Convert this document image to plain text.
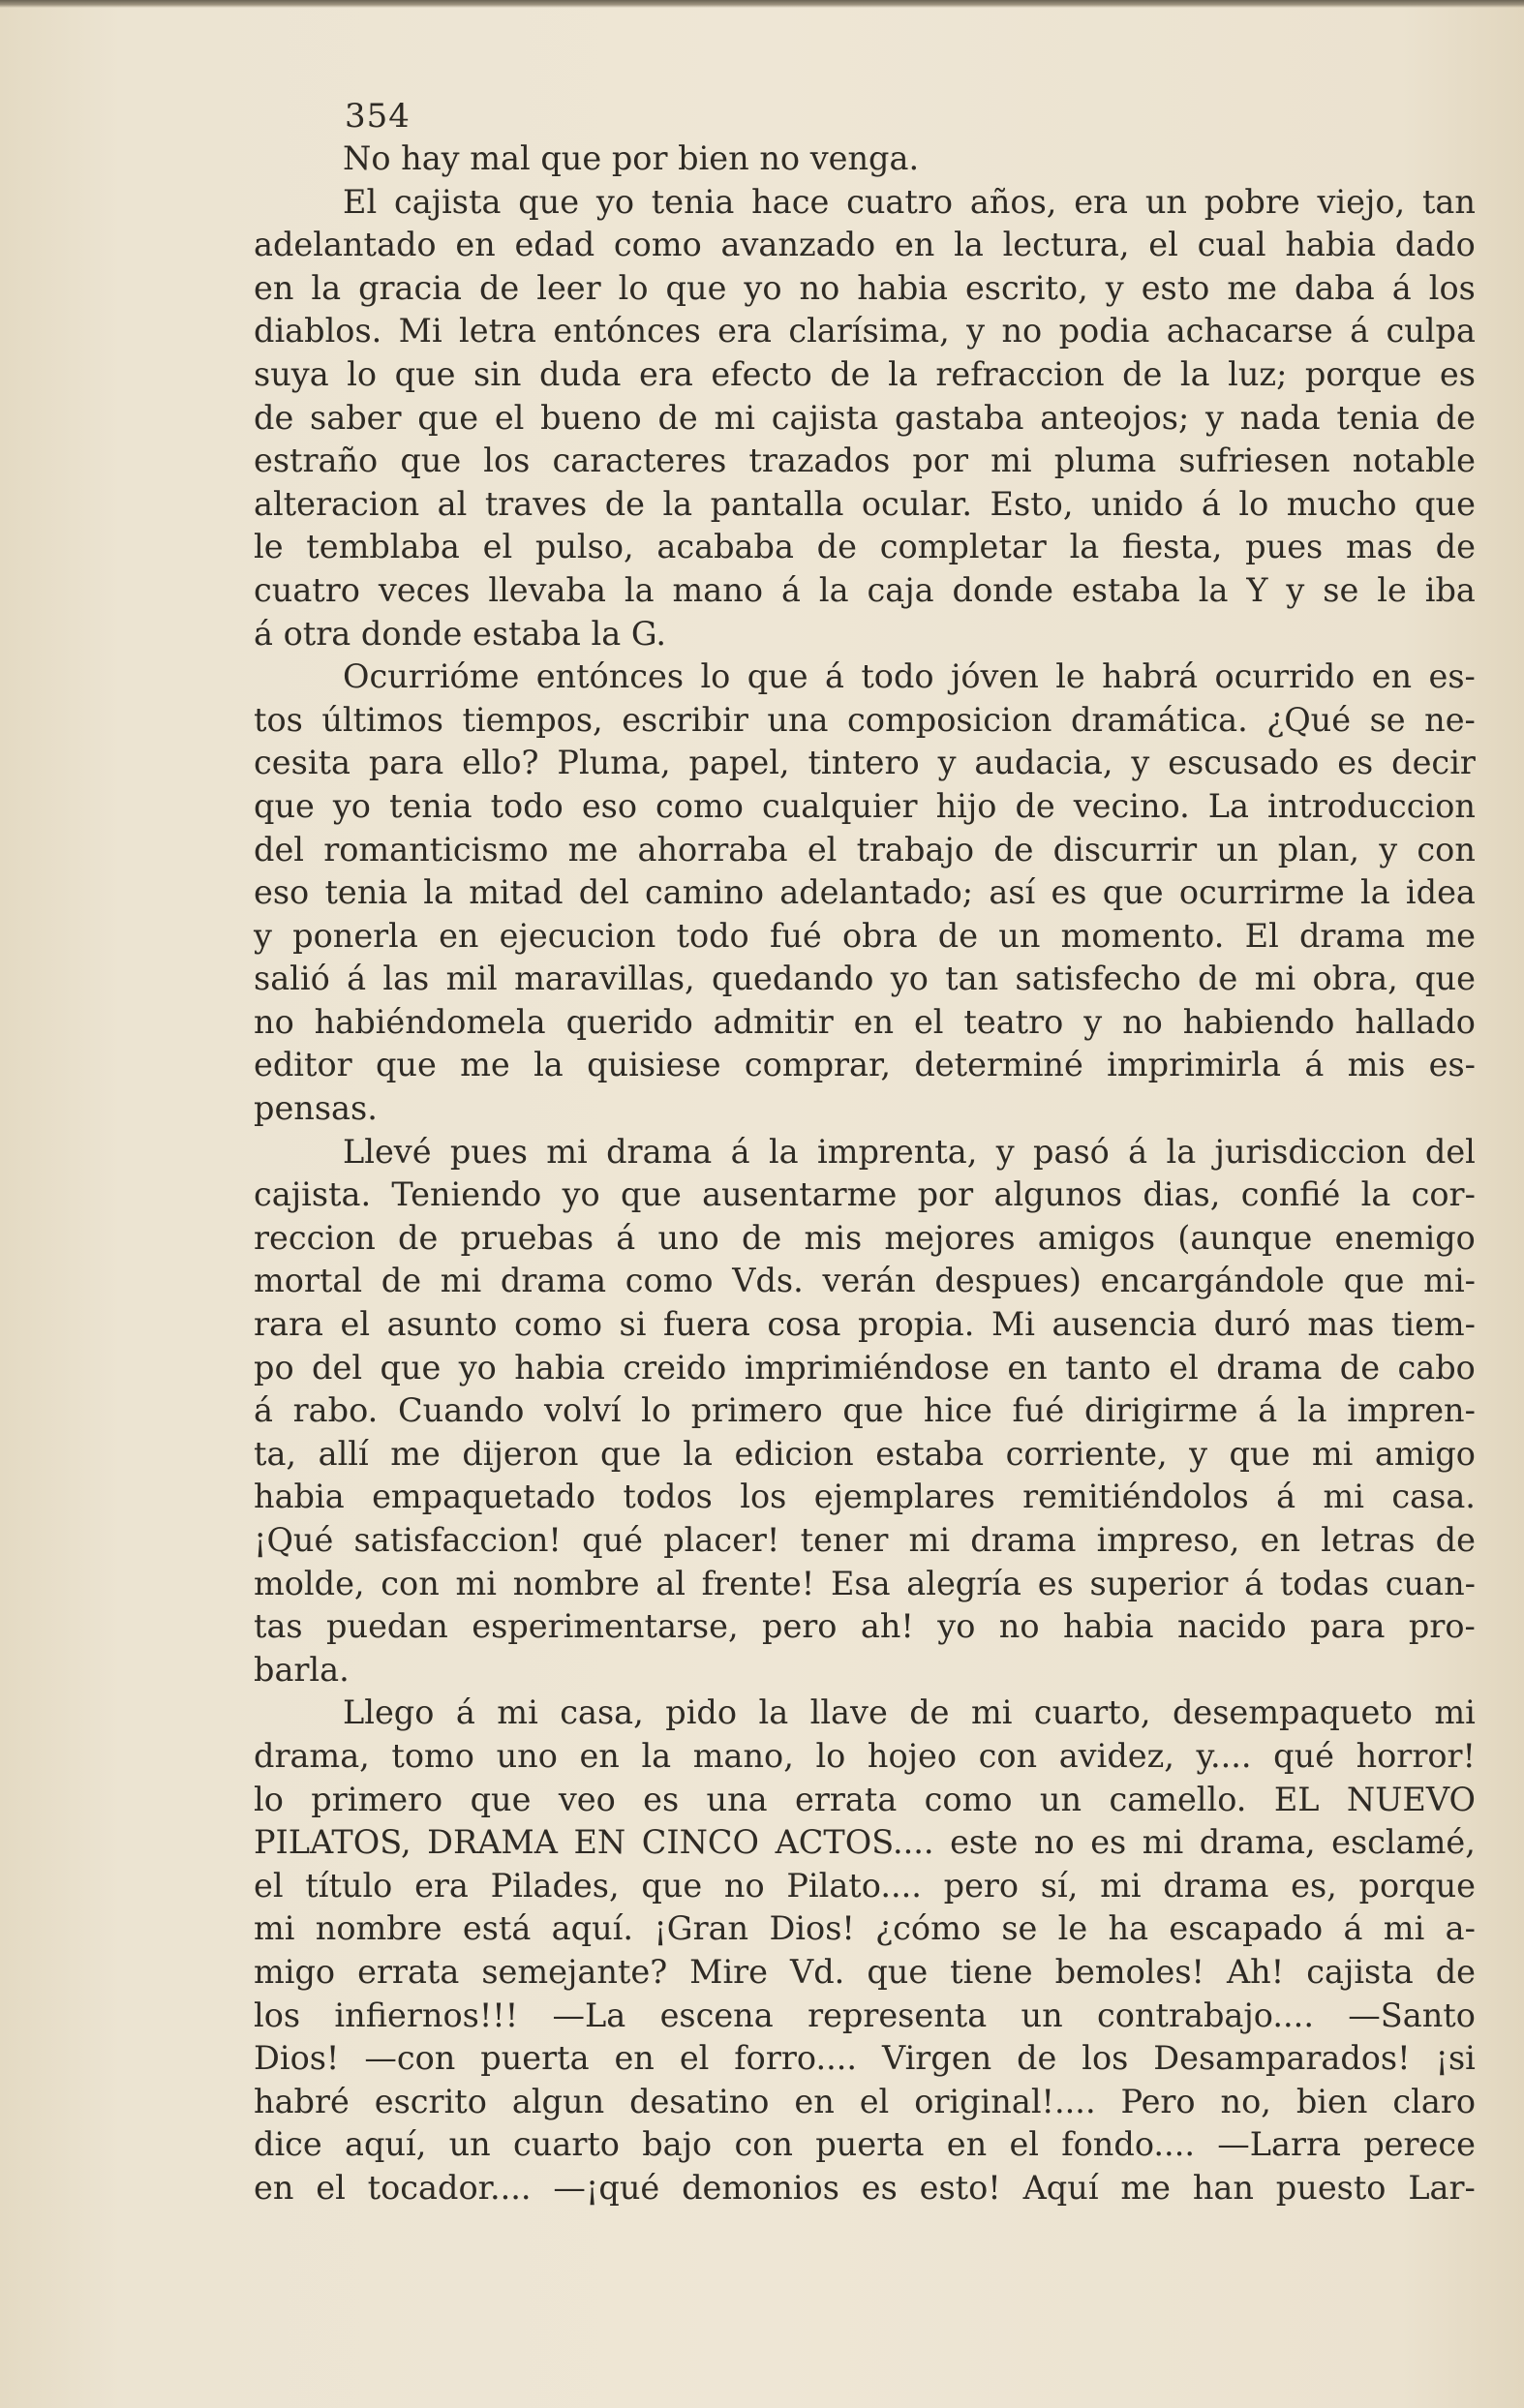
354
No hay mal que por bien no venga.
El cajista que yo tenia hace cuatro años, era un pobre viejo, tan
adelantado en edad como avanzado en la lectura, el cual habia dado
en la gracia de leer lo que yo no habia escrito, y esto me daba á los
diablos. Mi letra entónces era clarísima, y no podia achacarse á culpa
suya lo que sin duda era efecto de la refraccion de la luz; porque es
de saber que el bueno de mi cajista gastaba anteojos; y nada tenia de
estraño que los caracteres trazados por mi pluma sufriesen notable
alteracion al traves de la pantalla ocular. Esto, unido á lo mucho que
le temblaba el pulso, acababa de completar la fiesta, pues mas de
cuatro veces llevaba la mano á la caja donde estaba la Y y se le iba
á otra donde estaba la G.
Ocurrióme entónces lo que á todo jóven le habrá ocurrido en es-
tos últimos tiempos, escribir una composicion dramática. ¿Qué se ne-
cesita para ello? Pluma, papel, tintero y audacia, y escusado es decir
que yo tenia todo eso como cualquier hijo de vecino. La introduccion
del romanticismo me ahorraba el trabajo de discurrir un plan, y con
eso tenia la mitad del camino adelantado; así es que ocurrirme la idea
y ponerla en ejecucion todo fué obra de un momento. El drama me
salió á las mil maravillas, quedando yo tan satisfecho de mi obra, que
no habiéndomela querido admitir en el teatro y no habiendo hallado
editor que me la quisiese comprar, determiné imprimirla á mis es-
pensas.
Llevé pues mi drama á la imprenta, y pasó á la jurisdiccion del
cajista. Teniendo yo que ausentarme por algunos dias, confié la cor-
reccion de pruebas á uno de mis mejores amigos (aunque enemigo
mortal de mi drama como Vds. verán despues) encargándole que mi-
rara el asunto como si fuera cosa propia. Mi ausencia duró mas tiem-
po del que yo habia creido imprimiéndose en tanto el drama de cabo
á rabo. Cuando volví lo primero que hice fué dirigirme á la impren-
ta, allí me dijeron que la edicion estaba corriente, y que mi amigo
habia empaquetado todos los ejemplares remitiéndolos á mi casa.
¡Qué satisfaccion! qué placer! tener mi drama impreso, en letras de
molde, con mi nombre al frente! Esa alegría es superior á todas cuan-
tas puedan esperimentarse, pero ah! yo no habia nacido para pro-
barla.
Llego á mi casa, pido la llave de mi cuarto, desempaqueto mi
drama, tomo uno en la mano, lo hojeo con avidez, y.... qué horror!
lo primero que veo es una errata como un camello. EL NUEVO
PILATOS, DRAMA EN CINCO ACTOS.... este no es mi drama, esclamé,
el título era Pilades, que no Pilato.... pero sí, mi drama es, porque
mi nombre está aquí. ¡Gran Dios! ¿cómo se le ha escapado á mi a-
migo errata semejante? Mire Vd. que tiene bemoles! Ah! cajista de
los infiernos!!! —La escena representa un contrabajo.... —Santo
Dios! —con puerta en el forro.... Virgen de los Desamparados! ¡si
habré escrito algun desatino en el original!.... Pero no, bien claro
dice aquí, un cuarto bajo con puerta en el fondo.... —Larra perece
en el tocador.... —¡qué demonios es esto! Aquí me han puesto Lar-
